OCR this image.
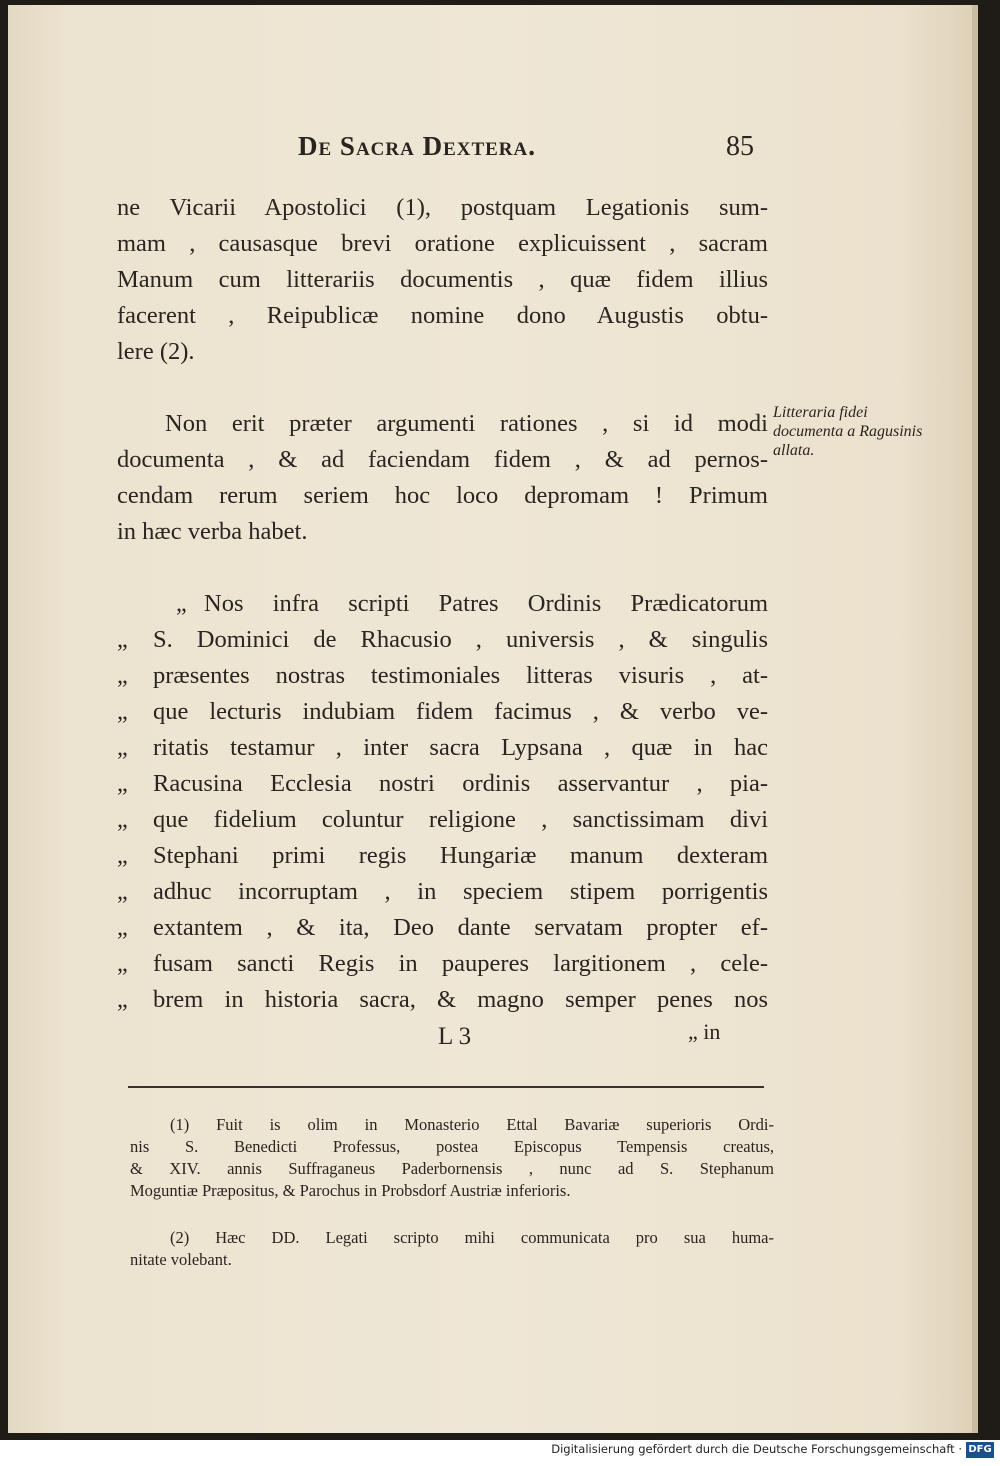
De Sacra Dextera.	85
ne Vicarii Apostolici (1), postquam Legationis sum-
mam , causasque brevi oratione explicuissent , sacram
Manum cum litterariis documentis , quæ fidem illius
facerent , Reipublicæ nomine dono Augustis obtu-
lere (2).
Non erit præter argumenti rationes , si id modi
documenta , & ad faciendam fidem , & ad pernos-
cendam rerum seriem hoc loco depromam ! Primum
in hæc verba habet.
Litteraria fidei documenta a Ragusinis allata.
„ Nos infra scripti Patres Ordinis Prædicatorum
„ S. Dominici de Rhacusio , universis , & singulis
„ præsentes nostras testimoniales litteras visuris , at-
„ que lecturis indubiam fidem facimus , & verbo ve-
„ ritatis testamur , inter sacra Lypsana , quæ in hac
„ Racusina Ecclesia nostri ordinis asservantur , pia-
„ que fidelium coluntur religione , sanctissimam divi
„ Stephani primi regis Hungariæ manum dexteram
„ adhuc incorruptam , in speciem stipem porrigentis
„ extantem , & ita, Deo dante servatam propter ef-
„ fusam sancti Regis in pauperes largitionem , cele-
„ brem in historia sacra, & magno semper penes nos
L 3	„ in
(1) Fuit is olim in Monasterio Ettal Bavariæ superioris Ordi-
nis S. Benedicti Professus, postea Episcopus Tempensis creatus,
& XIV. annis Suffraganeus Paderbornensis , nunc ad S. Stephanum
Moguntiæ Præpositus, & Parochus in Probsdorf Austriæ inferioris.
(2) Hæc DD. Legati scripto mihi communicata pro sua huma-
nitate volebant.
Digitalisierung gefördert durch die Deutsche Forschungsgemeinschaft · DFG
